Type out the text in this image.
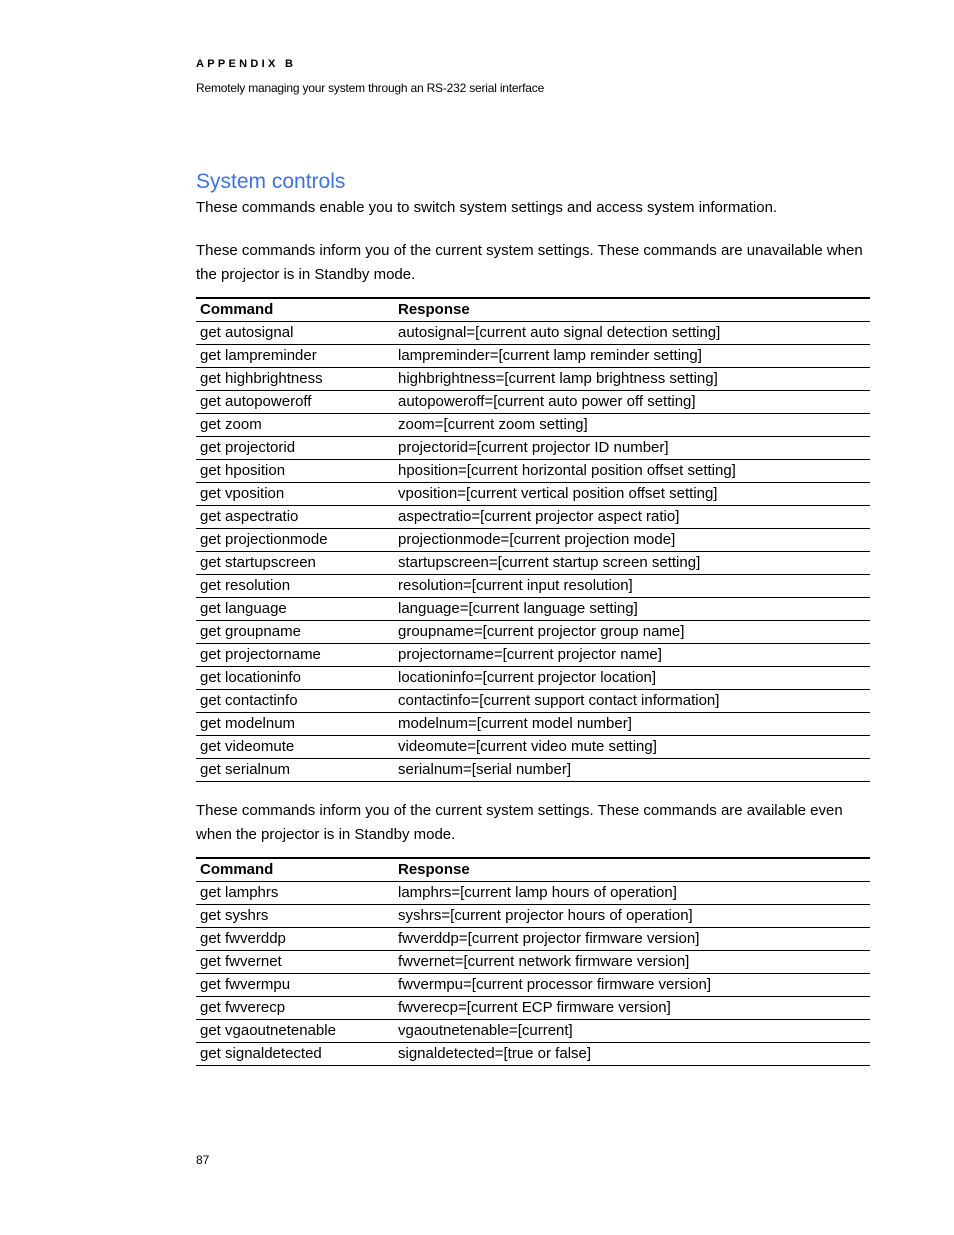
APPENDIX B
Remotely managing your system through an RS-232 serial interface
System controls
These commands enable you to switch system settings and access system information.
These commands inform you of the current system settings. These commands are unavailable when the projector is in Standby mode.
Command	Response
get autosignal	autosignal=[current auto signal detection setting]
get lampreminder	lampreminder=[current lamp reminder setting]
get highbrightness	highbrightness=[current lamp brightness setting]
get autopoweroff	autopoweroff=[current auto power off setting]
get zoom	zoom=[current zoom setting]
get projectorid	projectorid=[current projector ID number]
get hposition	hposition=[current horizontal position offset setting]
get vposition	vposition=[current vertical position offset setting]
get aspectratio	aspectratio=[current projector aspect ratio]
get projectionmode	projectionmode=[current projection mode]
get startupscreen	startupscreen=[current startup screen setting]
get resolution	resolution=[current input resolution]
get language	language=[current language setting]
get groupname	groupname=[current projector group name]
get projectorname	projectorname=[current projector name]
get locationinfo	locationinfo=[current projector location]
get contactinfo	contactinfo=[current support contact information]
get modelnum	modelnum=[current model number]
get videomute	videomute=[current video mute setting]
get serialnum	serialnum=[serial number]
These commands inform you of the current system settings. These commands are available even when the projector is in Standby mode.
Command	Response
get lamphrs	lamphrs=[current lamp hours of operation]
get syshrs	syshrs=[current projector hours of operation]
get fwverddp	fwverddp=[current projector firmware version]
get fwvernet	fwvernet=[current network firmware version]
get fwvermpu	fwvermpu=[current processor firmware version]
get fwverecp	fwverecp=[current ECP firmware version]
get vgaoutnetenable	vgaoutnetenable=[current]
get signaldetected	signaldetected=[true or false]
87
